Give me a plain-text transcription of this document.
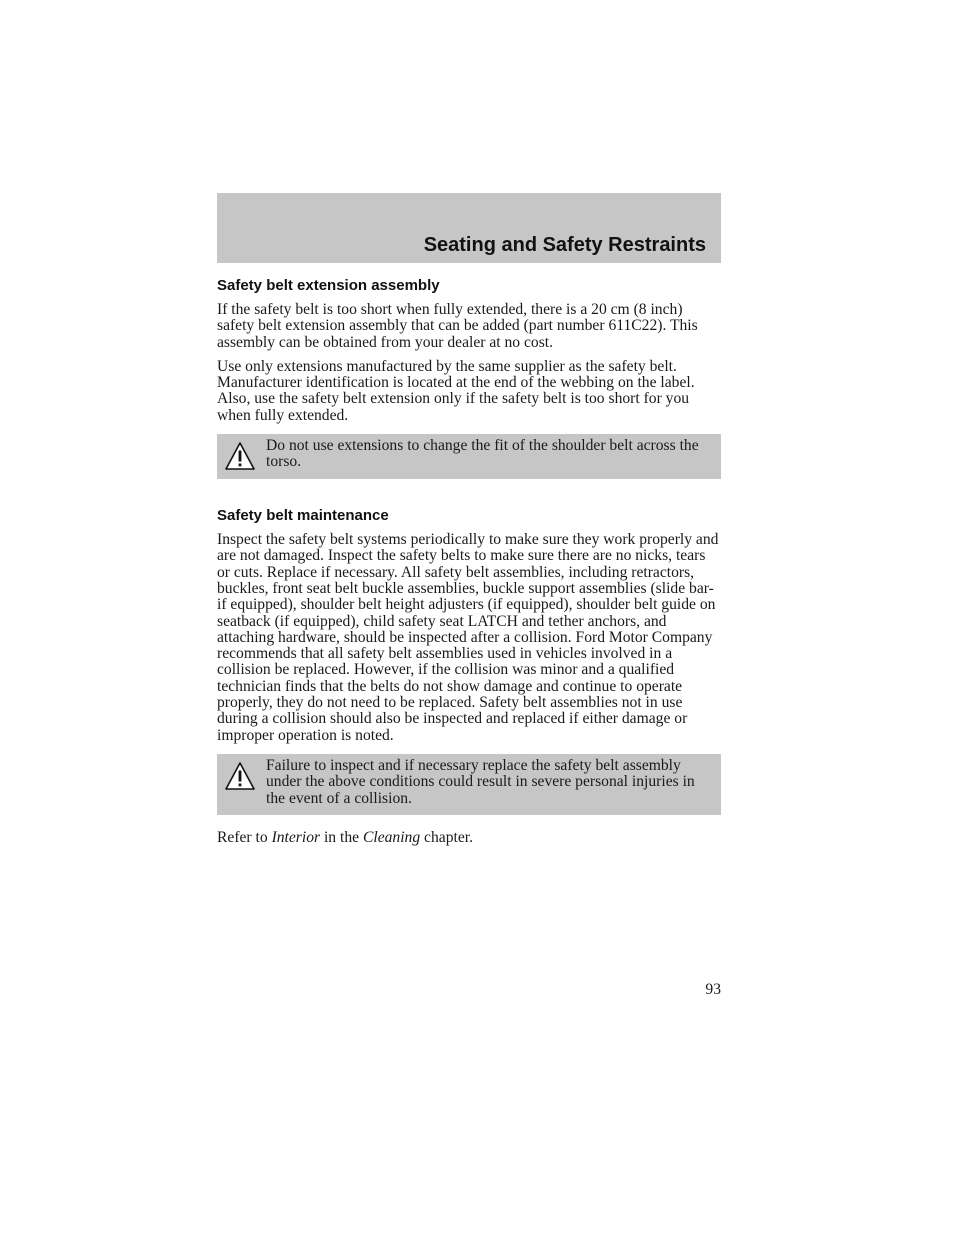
Seating and Safety Restraints
Safety belt extension assembly

If the safety belt is too short when fully extended, there is a 20 cm (8 inch) safety belt extension assembly that can be added (part number 611C22). This assembly can be obtained from your dealer at no cost.

Use only extensions manufactured by the same supplier as the safety belt. Manufacturer identification is located at the end of the webbing on the label. Also, use the safety belt extension only if the safety belt is too short for you when fully extended.

Do not use extensions to change the fit of the shoulder belt across the torso.
Safety belt maintenance

Inspect the safety belt systems periodically to make sure they work properly and are not damaged. Inspect the safety belts to make sure there are no nicks, tears or cuts. Replace if necessary. All safety belt assemblies, including retractors, buckles, front seat belt buckle assemblies, buckle support assemblies (slide bar-if equipped), shoulder belt height adjusters (if equipped), shoulder belt guide on seatback (if equipped), child safety seat LATCH and tether anchors, and attaching hardware, should be inspected after a collision. Ford Motor Company recommends that all safety belt assemblies used in vehicles involved in a collision be replaced. However, if the collision was minor and a qualified technician finds that the belts do not show damage and continue to operate properly, they do not need to be replaced. Safety belt assemblies not in use during a collision should also be inspected and replaced if either damage or improper operation is noted.

Failure to inspect and if necessary replace the safety belt assembly under the above conditions could result in severe personal injuries in the event of a collision.

Refer to Interior in the Cleaning chapter.

93
